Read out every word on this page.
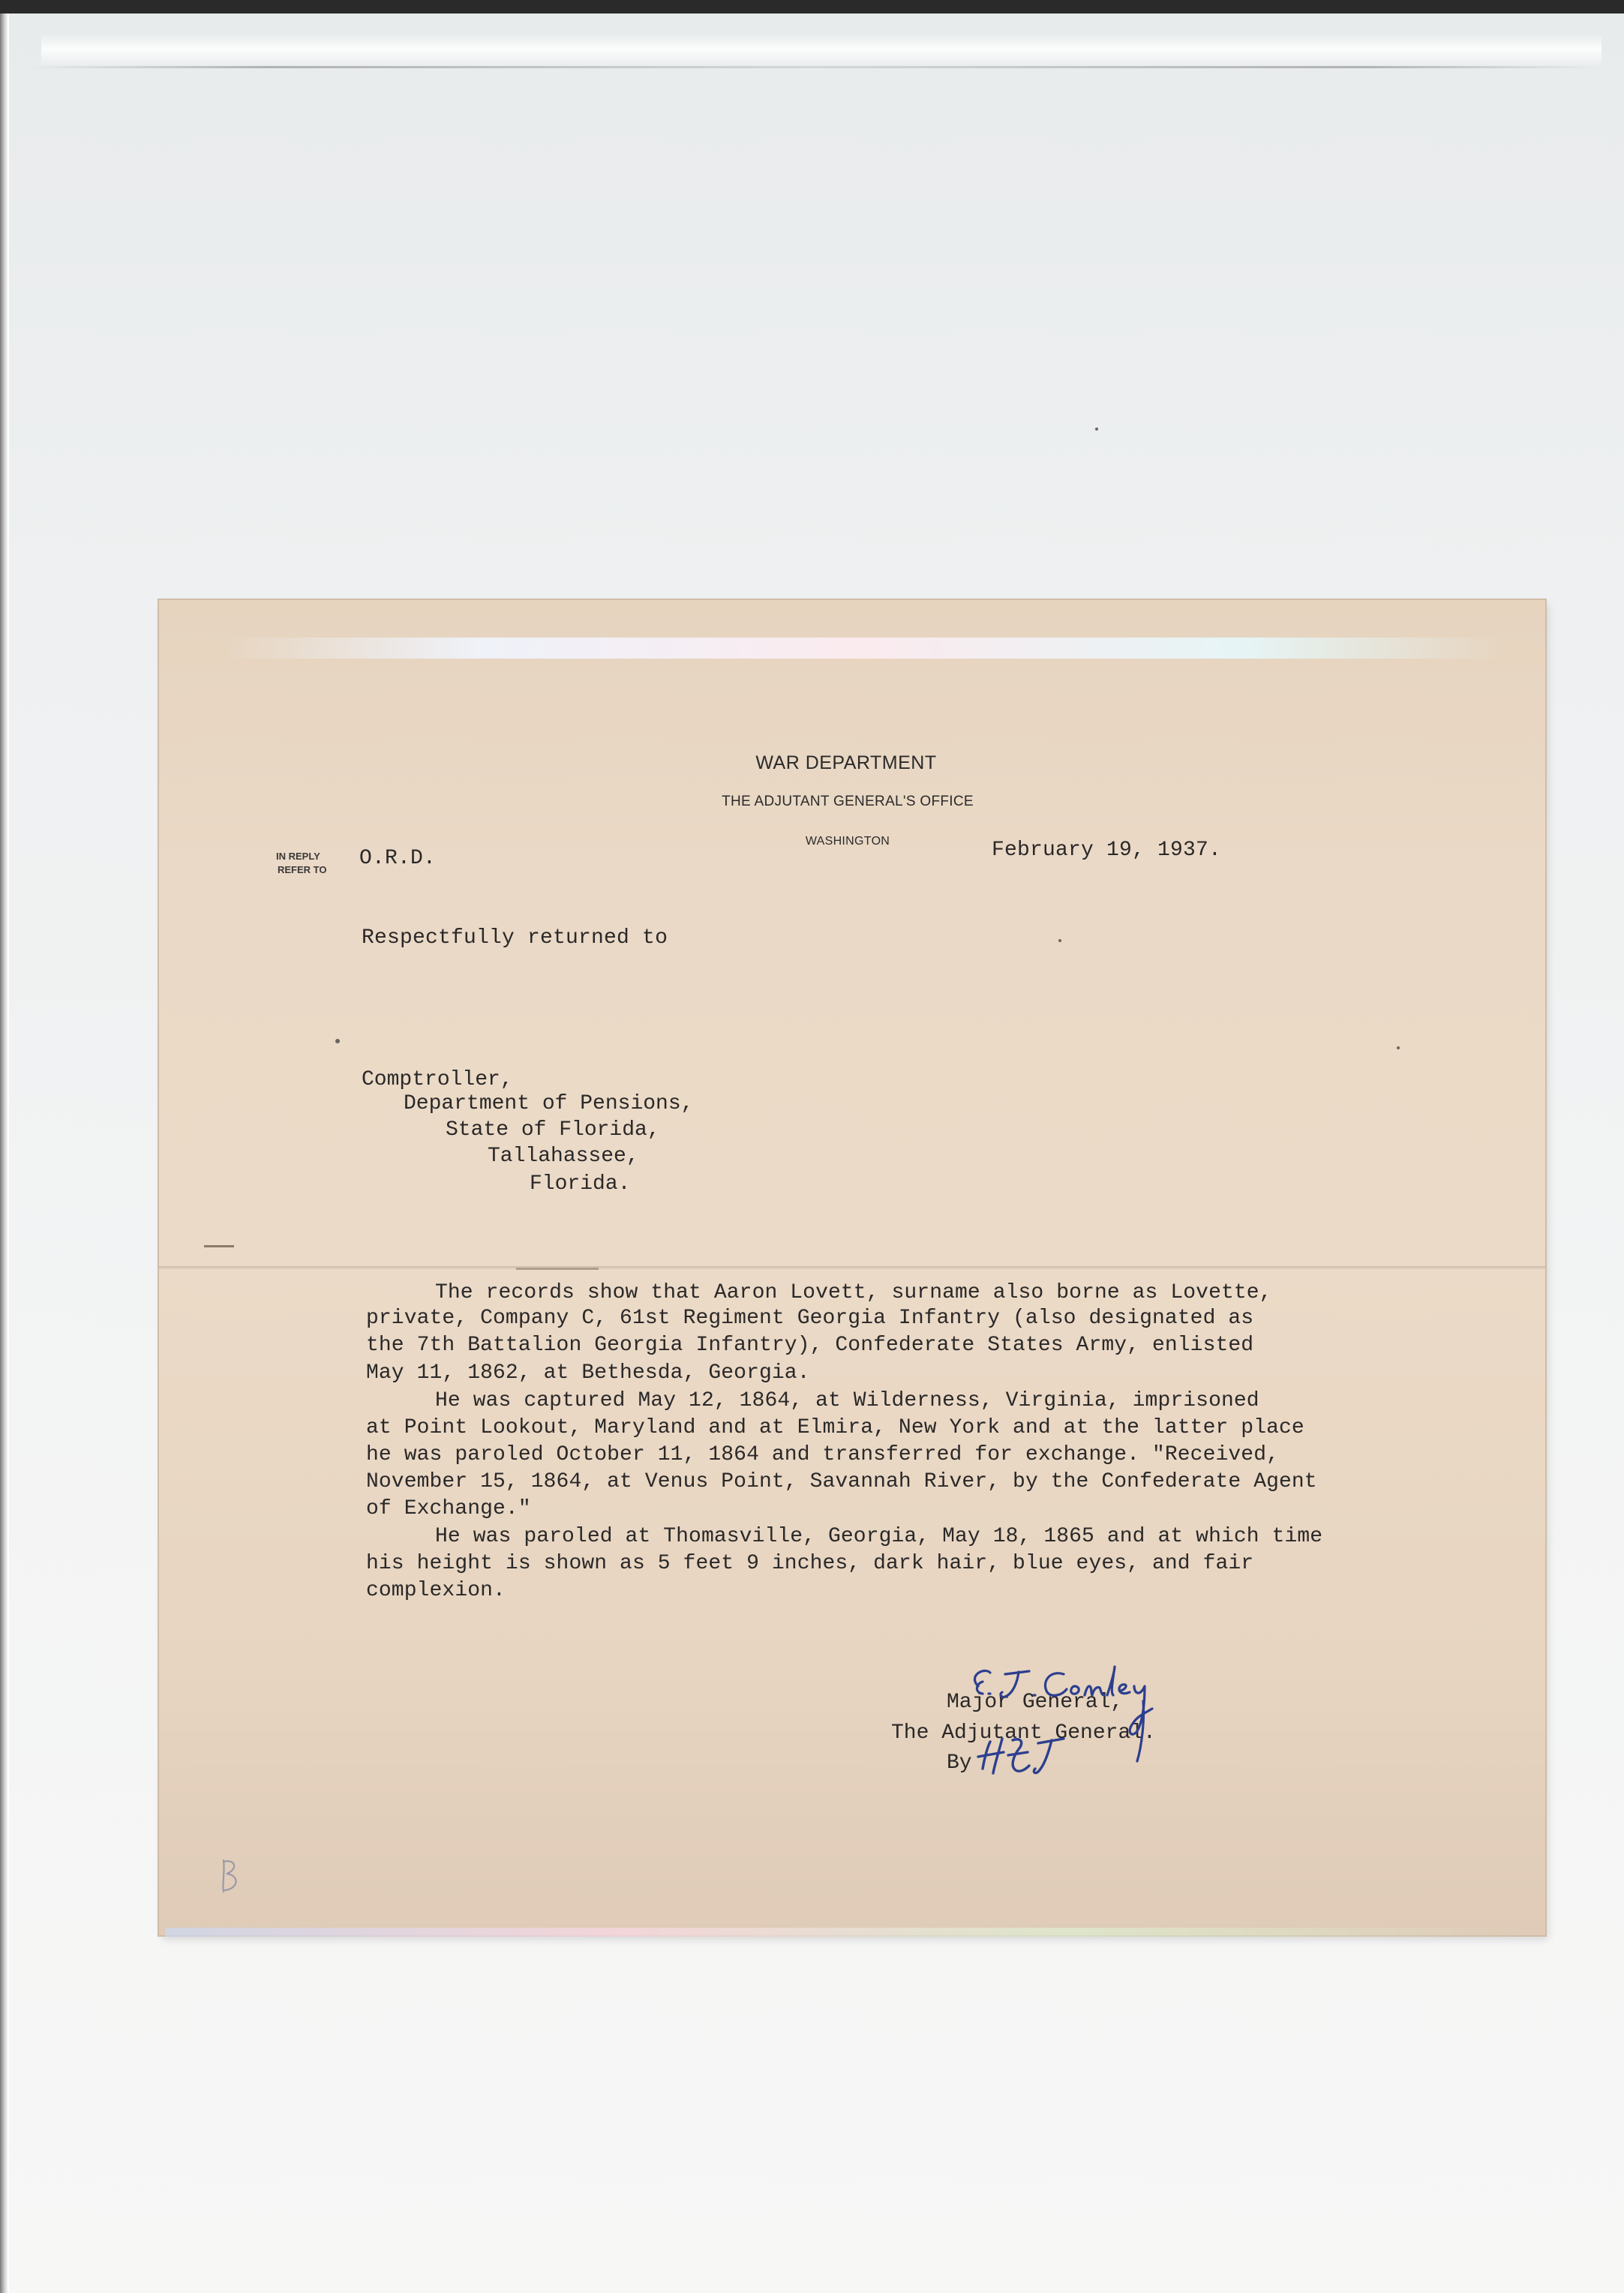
WAR DEPARTMENT
THE ADJUTANT GENERAL'S OFFICE
WASHINGTON
IN REPLY
REFER TO O.R.D.	February 19, 1937.
Respectfully returned to
Comptroller,
Department of Pensions,
State of Florida,
Tallahassee,
Florida.
The records show that Aaron Lovett, surname also borne as Lovette,
private, Company C, 61st Regiment Georgia Infantry (also designated as
the 7th Battalion Georgia Infantry), Confederate States Army, enlisted
May 11, 1862, at Bethesda, Georgia.
He was captured May 12, 1864, at Wilderness, Virginia, imprisoned
at Point Lookout, Maryland and at Elmira, New York and at the latter place
he was paroled October 11, 1864 and transferred for exchange. "Received,
November 15, 1864, at Venus Point, Savannah River, by the Confederate Agent
of Exchange."
He was paroled at Thomasville, Georgia, May 18, 1865 and at which time
his height is shown as 5 feet 9 inches, dark hair, blue eyes, and fair
complexion.
Major General,
The Adjutant General.
By
